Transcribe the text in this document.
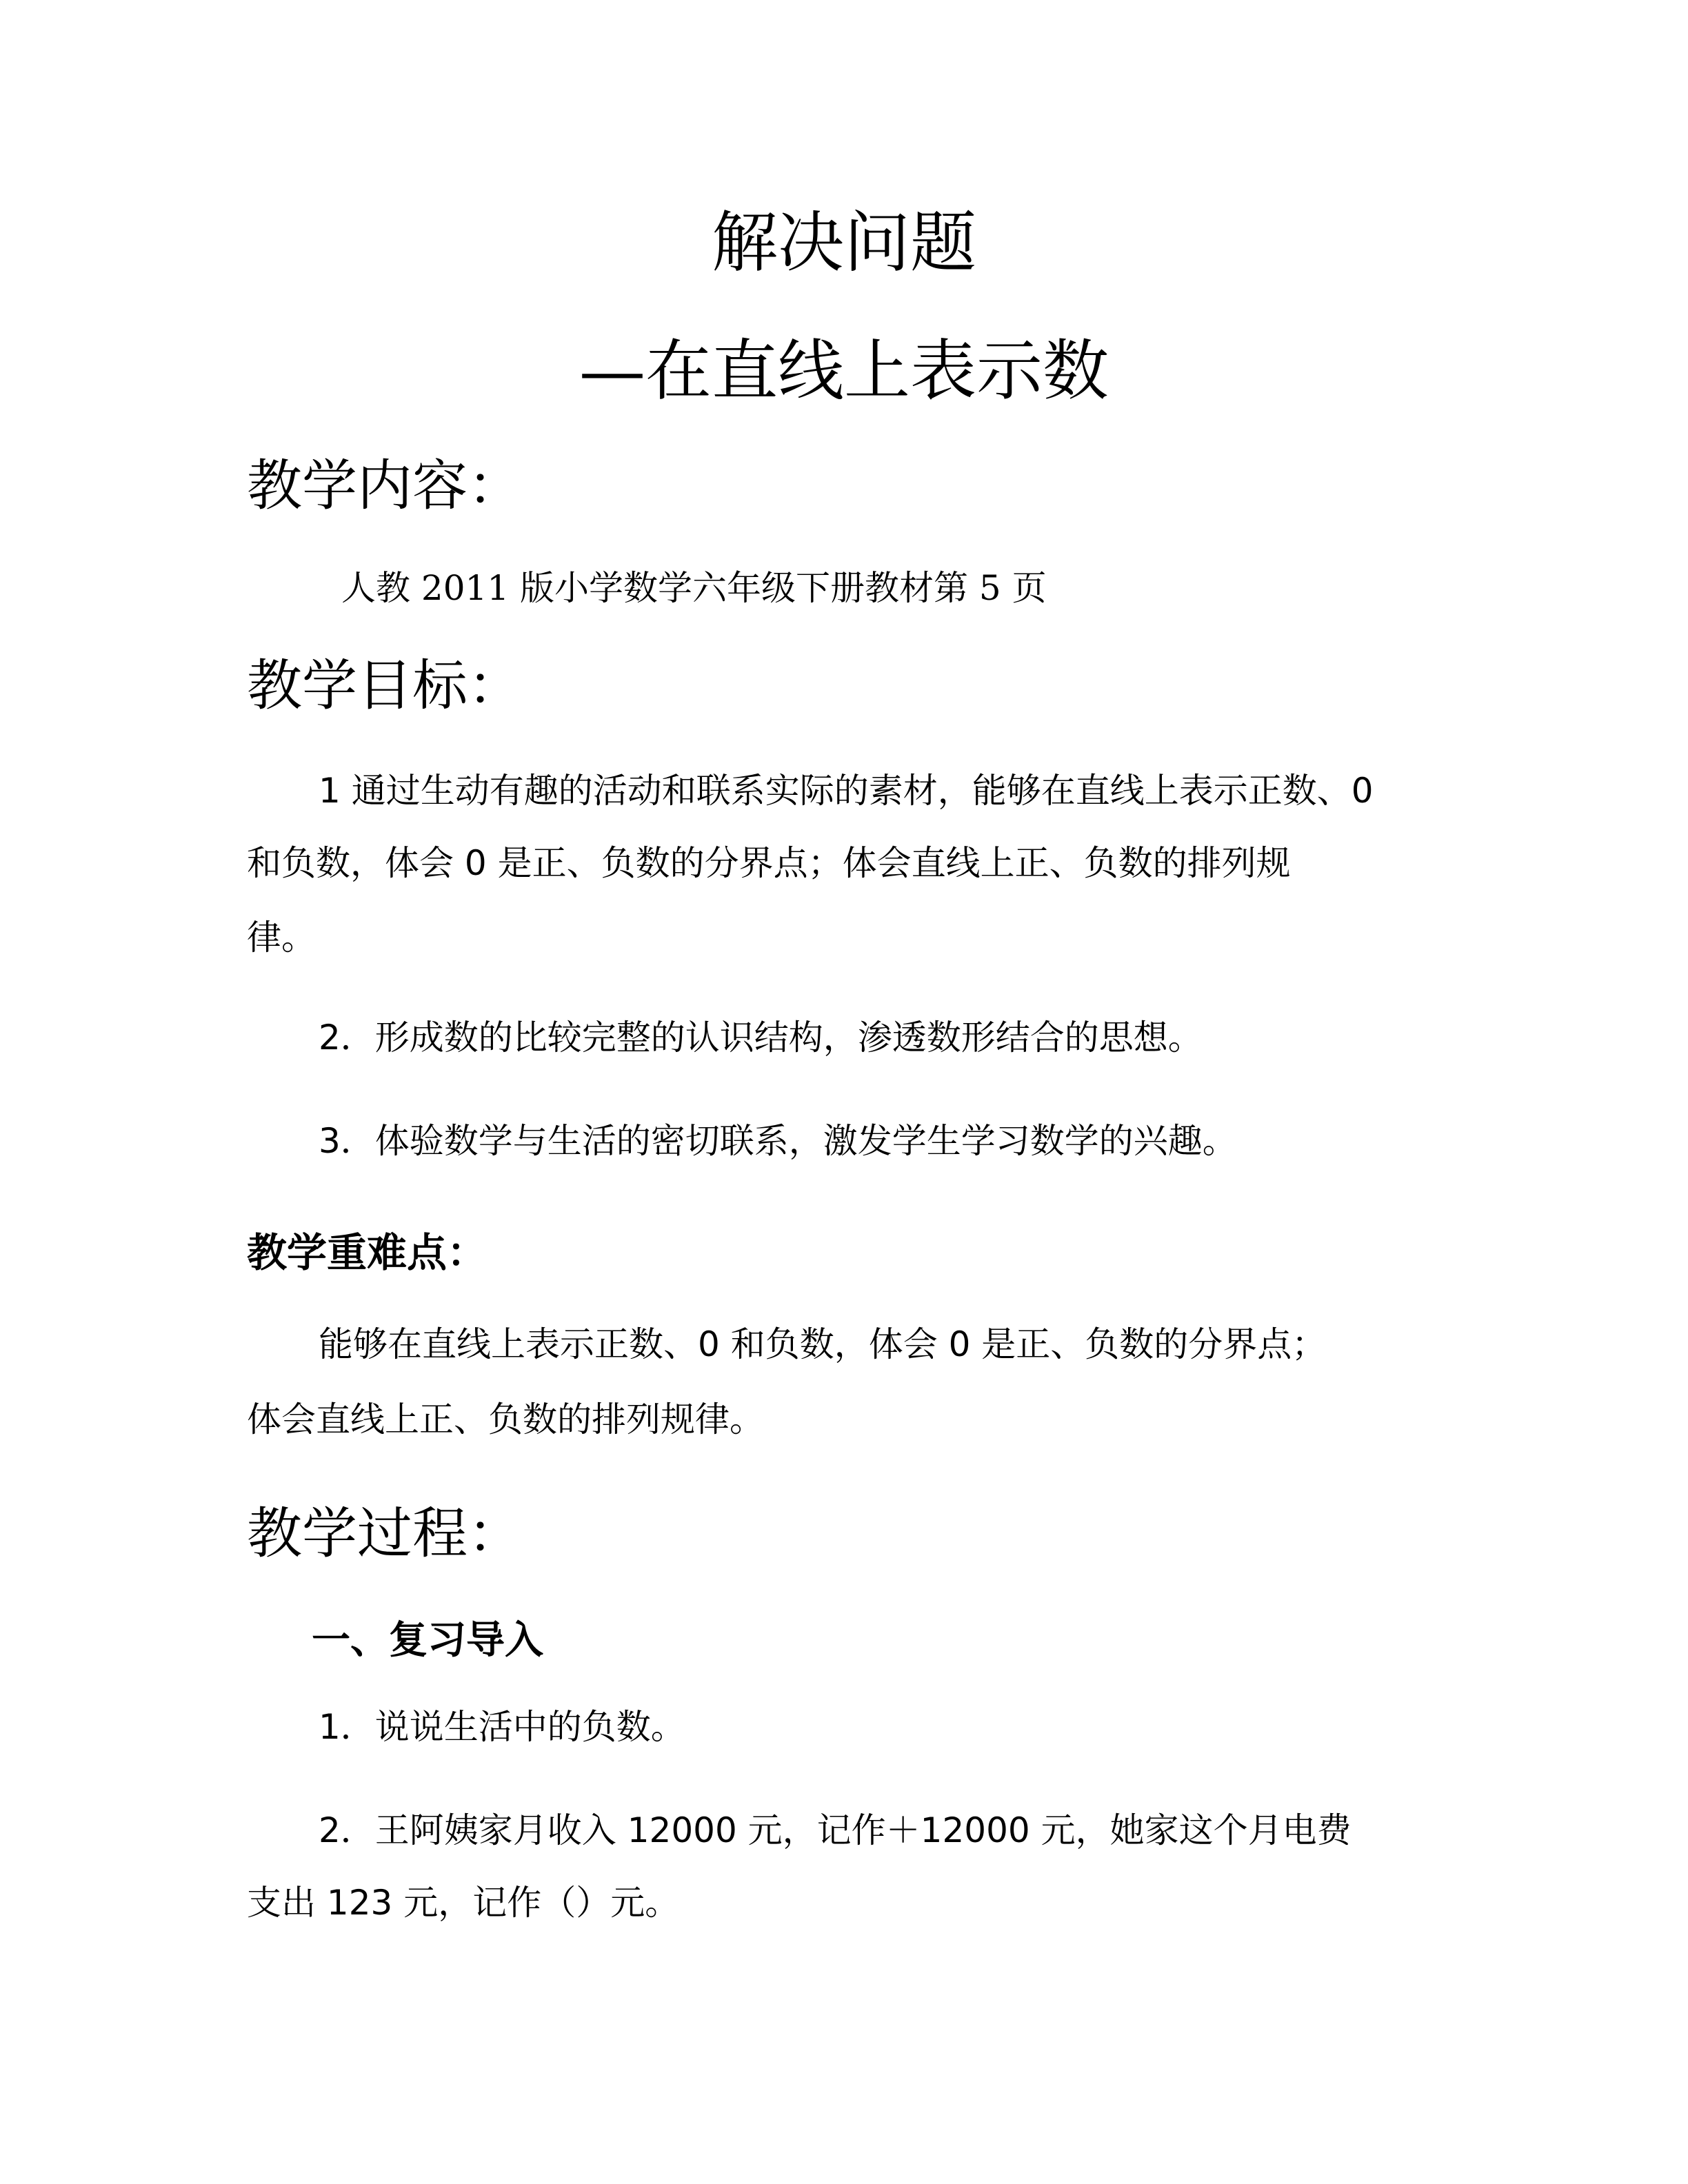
解决问题
—在直线上表示数
教学内容：
人教 2011 版小学数学六年级下册教材第 5 页
教学目标：
1 通过生动有趣的活动和联系实际的素材，能够在直线上表示正数、0
和负数，体会 0 是正、负数的分界点；体会直线上正、负数的排列规
律。
2．形成数的比较完整的认识结构，渗透数形结合的思想。
3．体验数学与生活的密切联系，激发学生学习数学的兴趣。
教学重难点：
能够在直线上表示正数、0 和负数，体会 0 是正、负数的分界点；
体会直线上正、负数的排列规律。
教学过程：
一、复习导入
1．说说生活中的负数。
2．王阿姨家月收入 12000 元，记作＋12000 元，她家这个月电费
支出 123 元，记作（）元。
